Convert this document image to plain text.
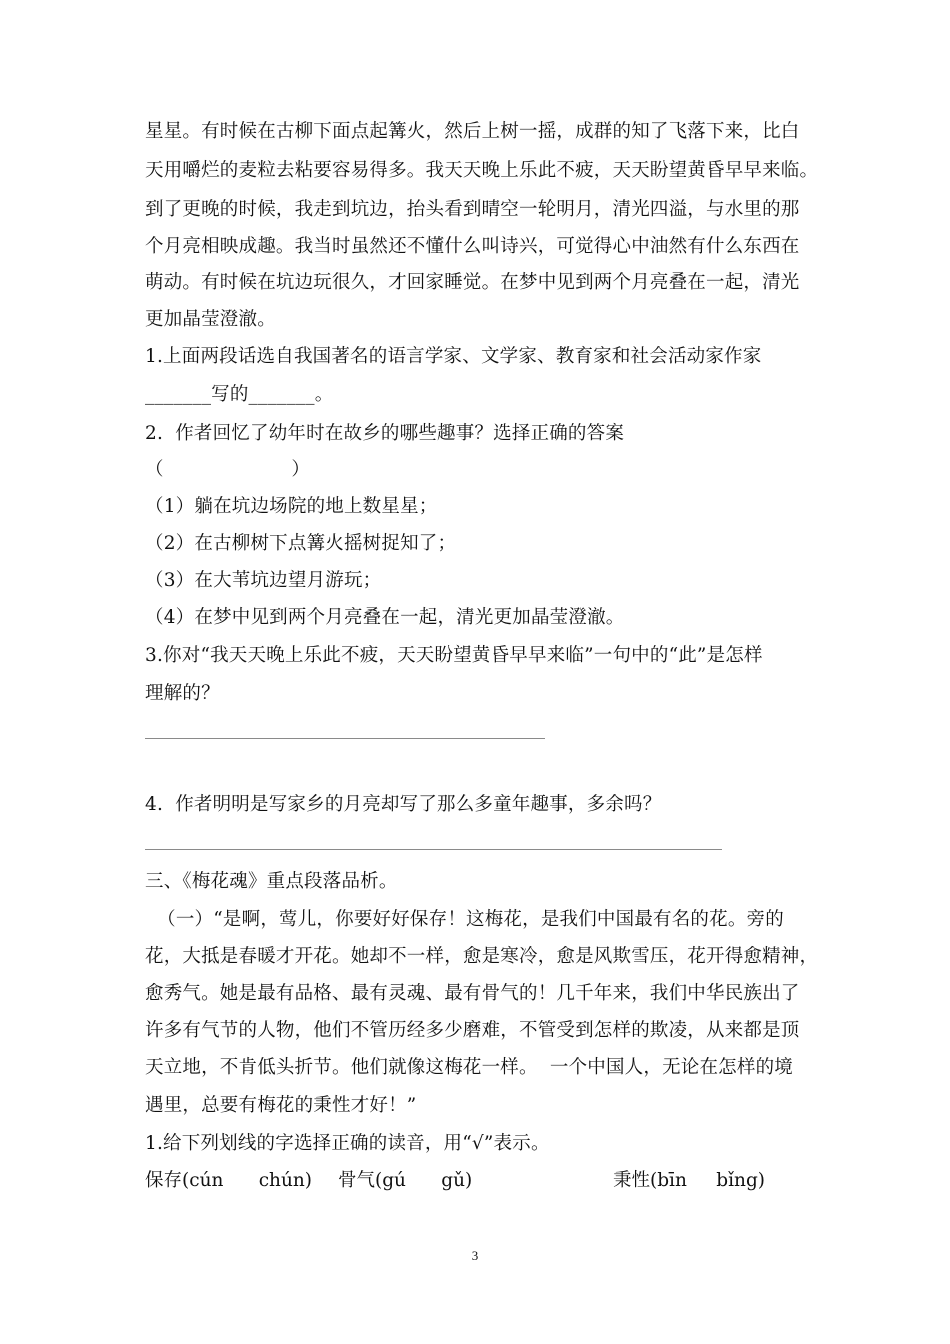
星星。有时候在古柳下面点起篝火，然后上树一摇，成群的知了飞落下来，比白
天用嚼烂的麦粒去粘要容易得多。我天天晚上乐此不疲，天天盼望黄昏早早来临。
到了更晚的时候，我走到坑边，抬头看到晴空一轮明月，清光四溢，与水里的那
个月亮相映成趣。我当时虽然还不懂什么叫诗兴，可觉得心中油然有什么东西在
萌动。有时候在坑边玩很久，才回家睡觉。在梦中见到两个月亮叠在一起，清光
更加晶莹澄澈。
1.上面两段话选自我国著名的语言学家、文学家、教育家和社会活动家作家
_______写的_______。
2.  作者回忆了幼年时在故乡的哪些趣事？选择正确的答案
（                     ）
（1）躺在坑边场院的地上数星星；
（2）在古柳树下点篝火摇树捉知了；
（3）在大苇坑边望月游玩；
（4）在梦中见到两个月亮叠在一起，清光更加晶莹澄澈。
3.你对“我天天晚上乐此不疲，天天盼望黄昏早早来临”一句中的“此”是怎样
理解的？
4.  作者明明是写家乡的月亮却写了那么多童年趣事，多余吗？
三、《梅花魂》重点段落品析。
（一）“是啊，莺儿，你要好好保存！这梅花，是我们中国最有名的花。旁的
花，大抵是春暖才开花。她却不一样，愈是寒冷，愈是风欺雪压，花开得愈精神，
愈秀气。她是最有品格、最有灵魂、最有骨气的！几千年来，我们中华民族出了
许多有气节的人物，他们不管历经多少磨难，不管受到怎样的欺凌，从来都是顶
天立地，不肯低头折节。他们就像这梅花一样。  一个中国人，无论在怎样的境
遇里，总要有梅花的秉性才好！”
1.给下列划线的字选择正确的读音，用“√”表示。
保存(cún      chún) 骨气(gú      gǔ)	秉性(bīn     bǐng)
3
